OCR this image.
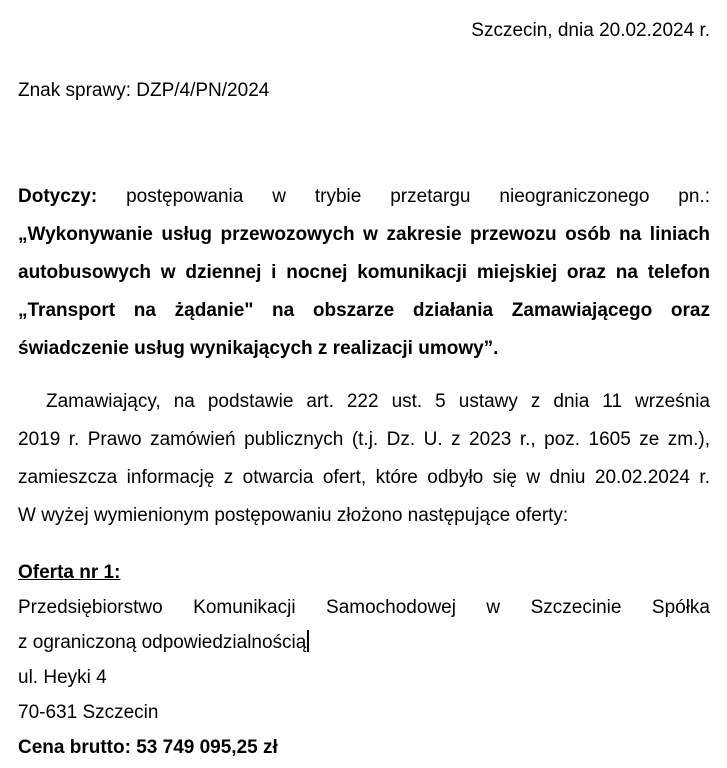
Szczecin, dnia 20.02.2024 r.
Znak sprawy: DZP/4/PN/2024
Dotyczy: postępowania w trybie przetargu nieograniczonego pn.:
„Wykonywanie usług przewozowych w zakresie przewozu osób na liniach
autobusowych w dziennej i nocnej komunikacji miejskiej oraz na telefon
„Transport na żądanie" na obszarze działania Zamawiającego oraz
świadczenie usług wynikających z realizacji umowy”.
Zamawiający, na podstawie art. 222 ust. 5 ustawy z dnia 11 września
2019 r. Prawo zamówień publicznych (t.j. Dz. U. z 2023 r., poz. 1605 ze zm.),
zamieszcza informację z otwarcia ofert, które odbyło się w dniu 20.02.2024 r.
W wyżej wymienionym postępowaniu złożono następujące oferty:
Oferta nr 1:
Przedsiębiorstwo Komunikacji Samochodowej w Szczecinie Spółka
z ograniczoną odpowiedzialnością
ul. Heyki 4
70-631 Szczecin
Cena brutto: 53 749 095,25 zł
